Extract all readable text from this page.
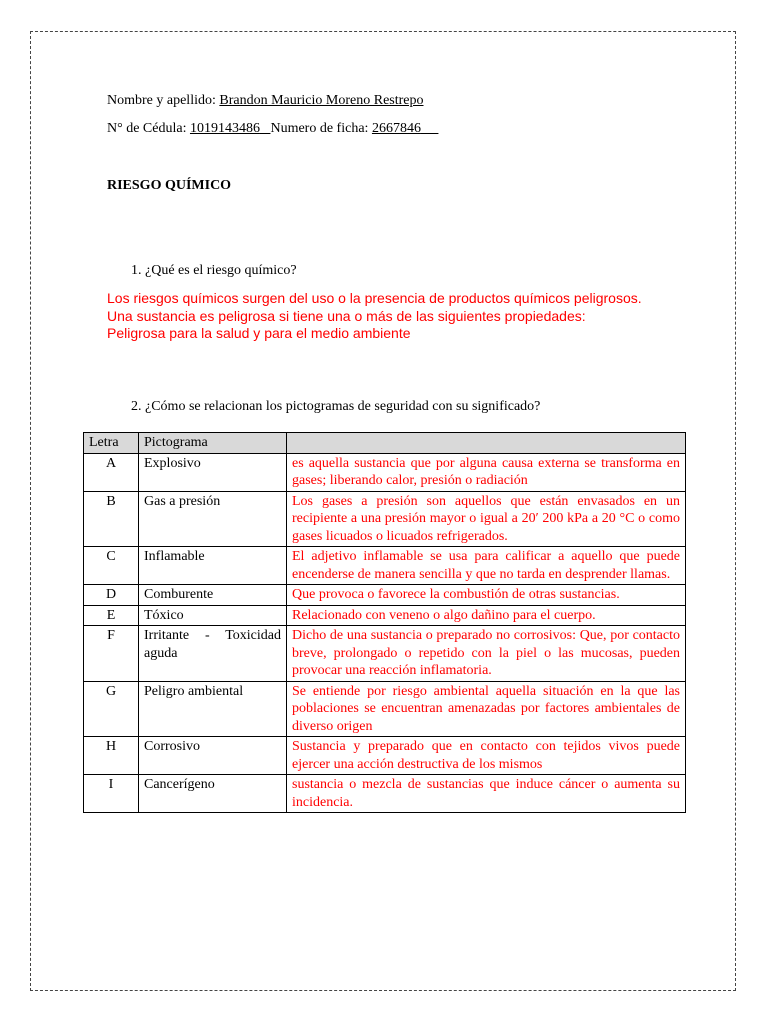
Nombre y apellido: Brandon Mauricio Moreno Restrepo
N° de Cédula: 1019143486 Numero de ficha: 2667846
RIESGO QUÍMICO
1. ¿Qué es el riesgo químico?
Los riesgos químicos surgen del uso o la presencia de productos químicos peligrosos. Una sustancia es peligrosa si tiene una o más de las siguientes propiedades: Peligrosa para la salud y para el medio ambiente
2. ¿Cómo se relacionan los pictogramas de seguridad con su significado?
Letra	Pictograma	
A	Explosivo	es aquella sustancia que por alguna causa externa se transforma en gases; liberando calor, presión o radiación
B	Gas a presión	Los gases a presión son aquellos que están envasados en un recipiente a una presión mayor o igual a 20′ 200 kPa a 20 °C o como gases licuados o licuados refrigerados.
C	Inflamable	El adjetivo inflamable se usa para calificar a aquello que puede encenderse de manera sencilla y que no tarda en desprender llamas.
D	Comburente	Que provoca o favorece la combustión de otras sustancias.
E	Tóxico	Relacionado con veneno o algo dañino para el cuerpo.
F	Irritante - Toxicidad aguda	Dicho de una sustancia o preparado no corrosivos: Que, por contacto breve, prolongado o repetido con la piel o las mucosas, pueden provocar una reacción inflamatoria.
G	Peligro ambiental	Se entiende por riesgo ambiental aquella situación en la que las poblaciones se encuentran amenazadas por factores ambientales de diverso origen
H	Corrosivo	Sustancia y preparado que en contacto con tejidos vivos puede ejercer una acción destructiva de los mismos
I	Cancerígeno	sustancia o mezcla de sustancias que induce cáncer o aumenta su incidencia.
